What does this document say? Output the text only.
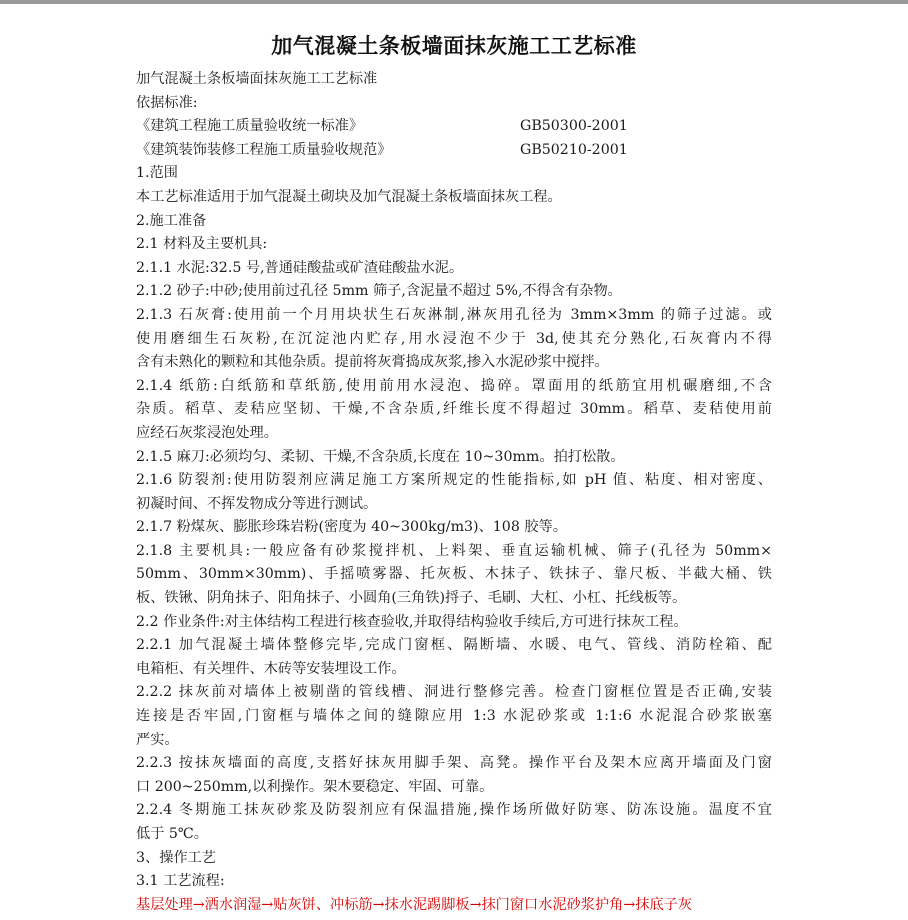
加气混凝土条板墙面抹灰施工工艺标准
加气混凝土条板墙面抹灰施工工艺标准
依据标准:
《建筑工程施工质量验收统一标准》	GB50300-2001
《建筑装饰装修工程施工质量验收规范》	GB50210-2001
1.范围
本工艺标准适用于加气混凝土砌块及加气混凝土条板墙面抹灰工程。
2.施工准备
2.1 材料及主要机具:
2.1.1 水泥:32.5 号,普通硅酸盐或矿渣硅酸盐水泥。
2.1.2 砂子:中砂;使用前过孔径 5mm 筛子,含泥量不超过 5%,不得含有杂物。
2.1.3 石灰膏:使用前一个月用块状生石灰淋制,淋灰用孔径为 3mm×3mm 的筛子过滤。或
使用磨细生石灰粉,在沉淀池内贮存,用水浸泡不少于 3d,使其充分熟化,石灰膏内不得
含有未熟化的颗粒和其他杂质。提前将灰膏捣成灰浆,掺入水泥砂浆中搅拌。
2.1.4 纸筋:白纸筋和草纸筋,使用前用水浸泡、捣碎。罩面用的纸筋宜用机碾磨细,不含
杂质。稻草、麦秸应坚韧、干燥,不含杂质,纤维长度不得超过 30mm。稻草、麦秸使用前
应经石灰浆浸泡处理。
2.1.5 麻刀:必须均匀、柔韧、干燥,不含杂质,长度在 10~30mm。拍打松散。
2.1.6 防裂剂:使用防裂剂应满足施工方案所规定的性能指标,如 pH 值、粘度、相对密度、
初凝时间、不挥发物成分等进行测试。
2.1.7 粉煤灰、膨胀珍珠岩粉(密度为 40~300kg/m3)、108 胶等。
2.1.8 主要机具:一般应备有砂浆搅拌机、上料架、垂直运输机械、筛子(孔径为 50mm×
50mm、30mm×30mm)、手摇喷雾器、托灰板、木抹子、铁抹子、靠尺板、半截大桶、铁
板、铁锹、阴角抹子、阳角抹子、小圆角(三角铁)捋子、毛刷、大杠、小杠、托线板等。
2.2 作业条件:对主体结构工程进行核查验收,并取得结构验收手续后,方可进行抹灰工程。
2.2.1 加气混凝土墙体整修完毕,完成门窗框、隔断墙、水暖、电气、管线、消防栓箱、配
电箱柜、有关埋件、木砖等安装埋设工作。
2.2.2 抹灰前对墙体上被剔凿的管线槽、洞进行整修完善。检查门窗框位置是否正确,安装
连接是否牢固,门窗框与墙体之间的缝隙应用 1:3 水泥砂浆或 1:1:6 水泥混合砂浆嵌塞
严实。
2.2.3 按抹灰墙面的高度,支搭好抹灰用脚手架、高凳。操作平台及架木应离开墙面及门窗
口 200~250mm,以利操作。架木要稳定、牢固、可靠。
2.2.4 冬期施工抹灰砂浆及防裂剂应有保温措施,操作场所做好防寒、防冻设施。温度不宜
低于 5℃。
3、操作工艺
3.1 工艺流程:
基层处理→洒水润湿→贴灰饼、冲标筋→抹水泥踢脚板→抹门窗口水泥砂浆护角→抹底子灰
